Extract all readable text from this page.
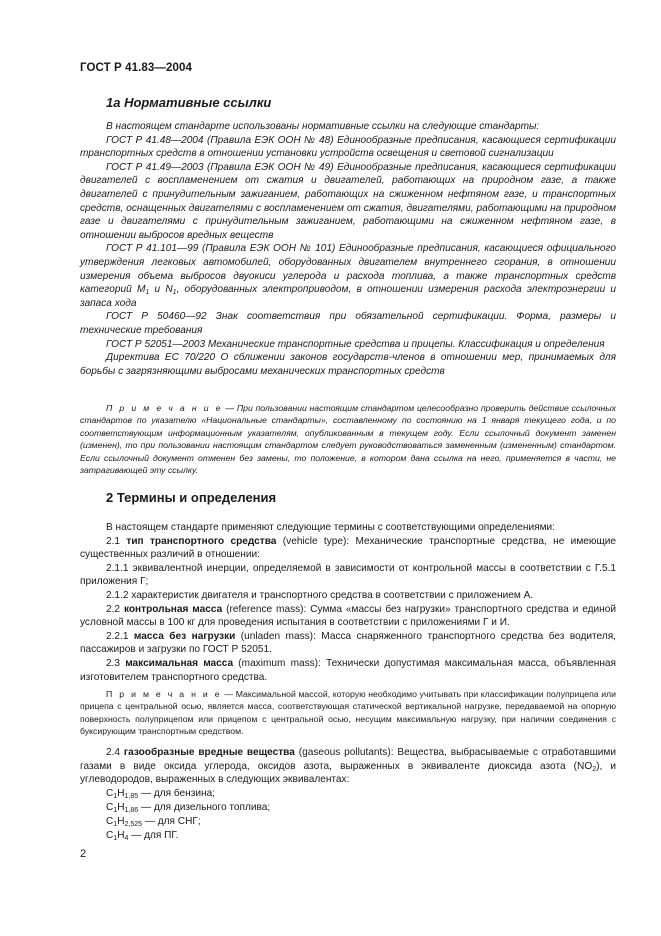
ГОСТ Р 41.83—2004
1а Нормативные ссылки

В настоящем стандарте использованы нормативные ссылки на следующие стандарты:

ГОСТ Р 41.48—2004 (Правила ЕЭК ООН № 48) Единообразные предписания, касающиеся сертификации транспортных средств в отношении установки устройств освещения и световой сигнализации

ГОСТ Р 41.49—2003 (Правила ЕЭК ООН № 49) Единообразные предписания, касающиеся сертификации двигателей с воспламенением от сжатия и двигателей, работающих на природном газе, а также двигателей с принудительным зажиганием, работающих на сжиженном нефтяном газе, и транспортных средств, оснащенных двигателями с воспламенением от сжатия, двигателями, работающими на природном газе и двигателями с принудительным зажиганием, работающими на сжиженном нефтяном газе, в отношении выбросов вредных веществ

ГОСТ Р 41.101—99 (Правила ЕЭК ООН № 101) Единообразные предписания, касающиеся официального утверждения легковых автомобилей, оборудованных двигателем внутреннего сгорания, в отношении измерения объема выбросов двуокиси углерода и расхода топлива, а также транспортных средств категорий $M_1$ и $N_1$, оборудованных электроприводом, в отношении измерения расхода электроэнергии и запаса хода

ГОСТ Р 50460—92 Знак соответствия при обязательной сертификации. Форма, размеры и технические требования

ГОСТ Р 52051—2003 Механические транспортные средства и прицепы. Классификация и определения

Директива ЕС 70/220 О сближении законов государств-членов в отношении мер, принимаемых для борьбы с загрязняющими выбросами механических транспортных средств

П р и м е ч а н и е — При пользовании настоящим стандартом целесообразно проверить действие ссылочных стандартов по указателю «Национальные стандарты», составленному по состоянию на 1 января текущего года, и по соответствующим информационным указателям, опубликованным в текущем году. Если ссылочный документ заменен (изменен), то при пользовании настоящим стандартом следует руководствоваться замененным (измененным) стандартом. Если ссылочный документ отменен без замены, то положение, в котором дана ссылка на него, применяется в части, не затрагивающей эту ссылку.

2 Термины и определения

В настоящем стандарте применяют следующие термины с соответствующими определениями:

2.1 тип транспортного средства (vehicle type): Механические транспортные средства, не имеющие существенных различий в отношении:

2.1.1 эквивалентной инерции, определяемой в зависимости от контрольной массы в соответствии с Г.5.1 приложения Г;

2.1.2 характеристик двигателя и транспортного средства в соответствии с приложением А.

2.2 контрольная масса (reference mass): Сумма «массы без нагрузки» транспортного средства и единой условной массы в 100 кг для проведения испытания в соответствии с приложениями Г и И.

2.2.1 масса без нагрузки (unladen mass): Масса снаряженного транспортного средства без водителя, пассажиров и загрузки по ГОСТ Р 52051.

2.3 максимальная масса (maximum mass): Технически допустимая максимальная масса, объявленная изготовителем транспортного средства.

П р и м е ч а н и е — Максимальной массой, которую необходимо учитывать при классификации полуприцепа или прицепа с центральной осью, является масса, соответствующая статической вертикальной нагрузке, передаваемой на опорную поверхность полуприцепом или прицепом с центральной осью, несущим максимальную нагрузку, при наличии соединения с буксирующим транспортным средством.

2.4 газообразные вредные вещества (gaseous pollutants): Вещества, выбрасываемые с отработавшими газами в виде оксида углерода, оксидов азота, выраженных в эквиваленте диоксида азота $(NO_2)$, и углеводородов, выраженных в следующих эквивалентах:

$C_1H_{1,85}$ — для бензина;
$C_1H_{1,86}$ — для дизельного топлива;
$C_1H_{2,525}$ — для СНГ;
$C_1H_4$ — для ПГ.
2
